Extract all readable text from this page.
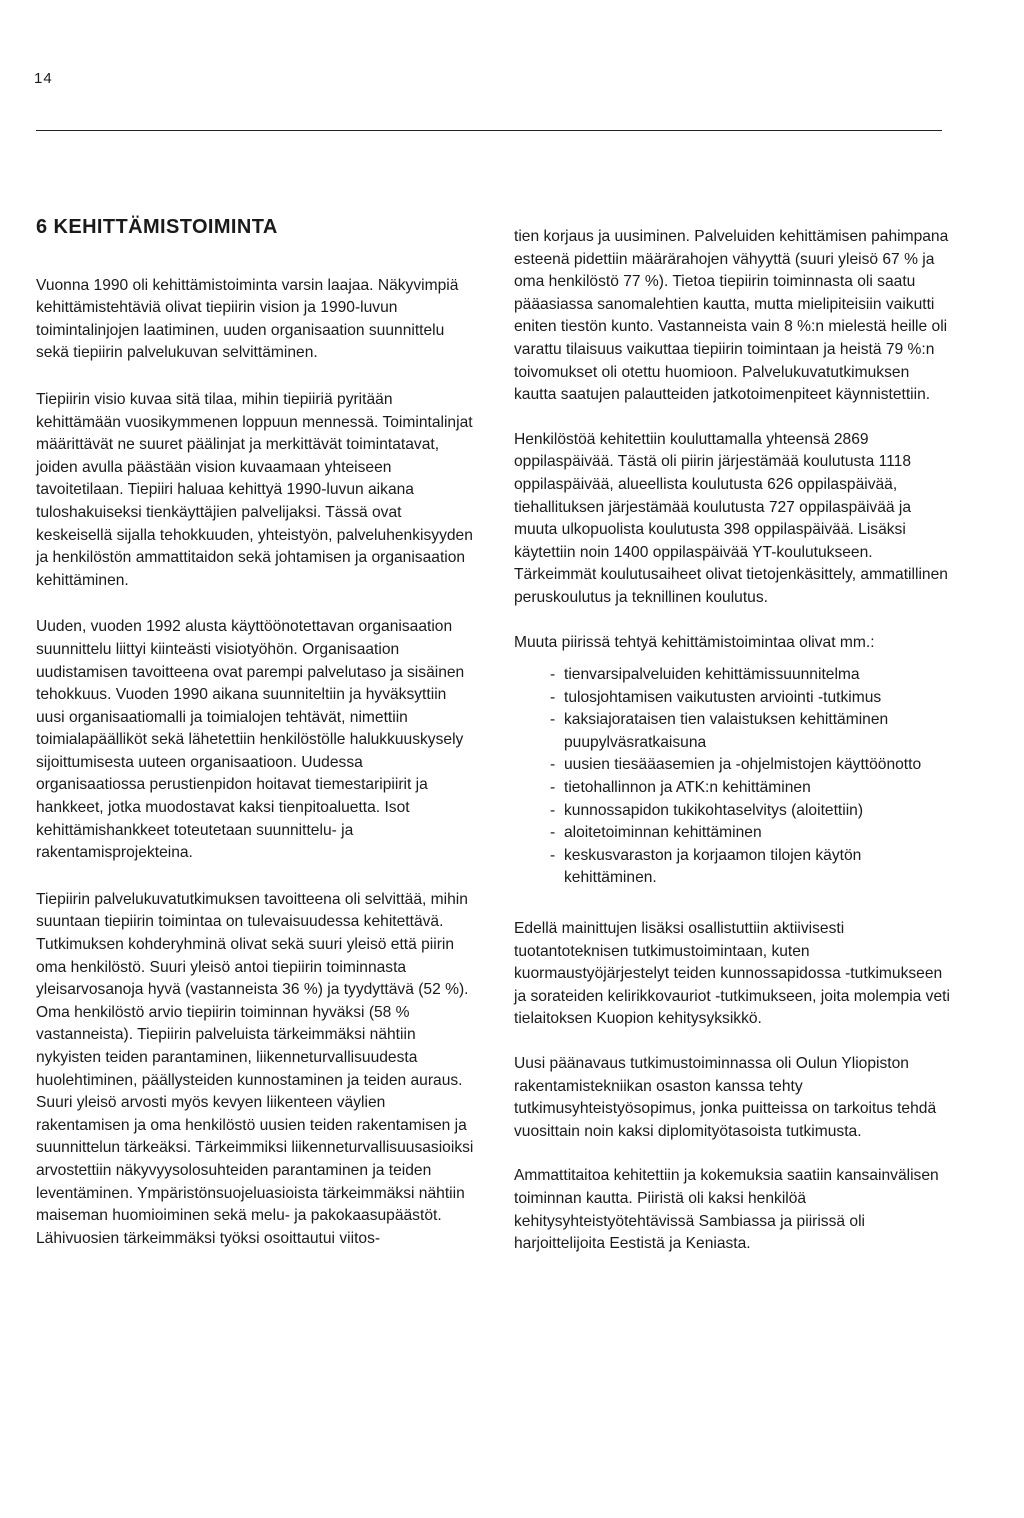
14
6 KEHITTÄMISTOIMINTA

Vuonna 1990 oli kehittämistoiminta varsin laajaa. Näkyvimpiä kehittämistehtäviä olivat tiepiirin vision ja 1990-luvun toimintalinjojen laatiminen, uuden organisaation suunnittelu sekä tiepiirin palvelukuvan selvittäminen.

Tiepiirin visio kuvaa sitä tilaa, mihin tiepiiriä pyritään kehittämään vuosikymmenen loppuun mennessä. Toimintalinjat määrittävät ne suuret päälinjat ja merkittävät toimintatavat, joiden avulla päästään vision kuvaamaan yhteiseen tavoitetilaan. Tiepiiri haluaa kehittyä 1990-luvun aikana tuloshakuiseksi tienkäyttäjien palvelijaksi. Tässä ovat keskeisellä sijalla tehokkuuden, yhteistyön, palveluhenkisyyden ja henkilöstön ammattitaidon sekä johtamisen ja organisaation kehittäminen.

Uuden, vuoden 1992 alusta käyttöönotettavan organisaation suunnittelu liittyi kiinteästi visiotyöhön. Organisaation uudistamisen tavoitteena ovat parempi palvelutaso ja sisäinen tehokkuus. Vuoden 1990 aikana suunniteltiin ja hyväksyttiin uusi organisaatiomalli ja toimialojen tehtävät, nimettiin toimialapäälliköt sekä lähetettiin henkilöstölle halukkuuskysely sijoittumisesta uuteen organisaatioon. Uudessa organisaatiossa perustienpidon hoitavat tiemestaripiirit ja hankkeet, jotka muodostavat kaksi tienpitoaluetta. Isot kehittämishankkeet toteutetaan suunnittelu- ja rakentamisprojekteina.

Tiepiirin palvelukuvatutkimuksen tavoitteena oli selvittää, mihin suuntaan tiepiirin toimintaa on tulevaisuudessa kehitettävä. Tutkimuksen kohderyhminä olivat sekä suuri yleisö että piirin oma henkilöstö. Suuri yleisö antoi tiepiirin toiminnasta yleisarvosanoja hyvä (vastanneista 36 %) ja tyydyttävä (52 %). Oma henkilöstö arvio tiepiirin toiminnan hyväksi (58 % vastanneista). Tiepiirin palveluista tärkeimmäksi nähtiin nykyisten teiden parantaminen, liikenneturvallisuudesta huolehtiminen, päällysteiden kunnostaminen ja teiden auraus. Suuri yleisö arvosti myös kevyen liikenteen väylien rakentamisen ja oma henkilöstö uusien teiden rakentamisen ja suunnittelun tärkeäksi. Tärkeimmiksi liikenneturvallisuusasioiksi arvostettiin näkyvyysolosuhteiden parantaminen ja teiden leventäminen. Ympäristönsuojeluasioista tärkeimmäksi nähtiin maiseman huomioiminen sekä melu- ja pakokaasupäästöt. Lähivuosien tärkeimmäksi työksi osoittautui viitos-

tien korjaus ja uusiminen. Palveluiden kehittämisen pahimpana esteenä pidettiin määrärahojen vähyyttä (suuri yleisö 67 % ja oma henkilöstö 77 %). Tietoa tiepiirin toiminnasta oli saatu pääasiassa sanomalehtien kautta, mutta mielipiteisiin vaikutti eniten tiestön kunto. Vastanneista vain 8 %:n mielestä heille oli varattu tilaisuus vaikuttaa tiepiirin toimintaan ja heistä 79 %:n toivomukset oli otettu huomioon. Palvelukuvatutkimuksen kautta saatujen palautteiden jatkotoimenpiteet käynnistettiin.

Henkilöstöä kehitettiin kouluttamalla yhteensä 2869 oppilaspäivää. Tästä oli piirin järjestämää koulutusta 1118 oppilaspäivää, alueellista koulutusta 626 oppilaspäivää, tiehallituksen järjestämää koulutusta 727 oppilaspäivää ja muuta ulkopuolista koulutusta 398 oppilaspäivää. Lisäksi käytettiin noin 1400 oppilaspäivää YT-koulutukseen. Tärkeimmät koulutusaiheet olivat tietojenkäsittely, ammatillinen peruskoulutus ja teknillinen koulutus.

Muuta piirissä tehtyä kehittämistoimintaa olivat mm.:

- tienvarsipalveluiden kehittämissuunnitelma
- tulosjohtamisen vaikutusten arviointi -tutkimus
- kaksiajorataisen tien valaistuksen kehittäminen puupylväsratkaisuna
- uusien tiesääasemien ja -ohjelmistojen käyttöönotto
- tietohallinnon ja ATK:n kehittäminen
- kunnossapidon tukikohtaselvitys (aloitettiin)
- aloitetoiminnan kehittäminen
- keskusvaraston ja korjaamon tilojen käytön kehittäminen.

Edellä mainittujen lisäksi osallistuttiin aktiivisesti tuotantoteknisen tutkimustoimintaan, kuten kuormaustyöjärjestelyt teiden kunnossapidossa -tutkimukseen ja sorateiden kelirikkovauriot -tutkimukseen, joita molempia veti tielaitoksen Kuopion kehitysyksikkö.

Uusi päänavaus tutkimustoiminnassa oli Oulun Yliopiston rakentamistekniikan osaston kanssa tehty tutkimusyhteistyösopimus, jonka puitteissa on tarkoitus tehdä vuosittain noin kaksi diplomityötasoista tutkimusta.

Ammattitaitoa kehitettiin ja kokemuksia saatiin kansainvälisen toiminnan kautta. Piiristä oli kaksi henkilöä kehitysyhteistyötehtävissä Sambiassa ja piirissä oli harjoittelijoita Eestistä ja Keniasta.
